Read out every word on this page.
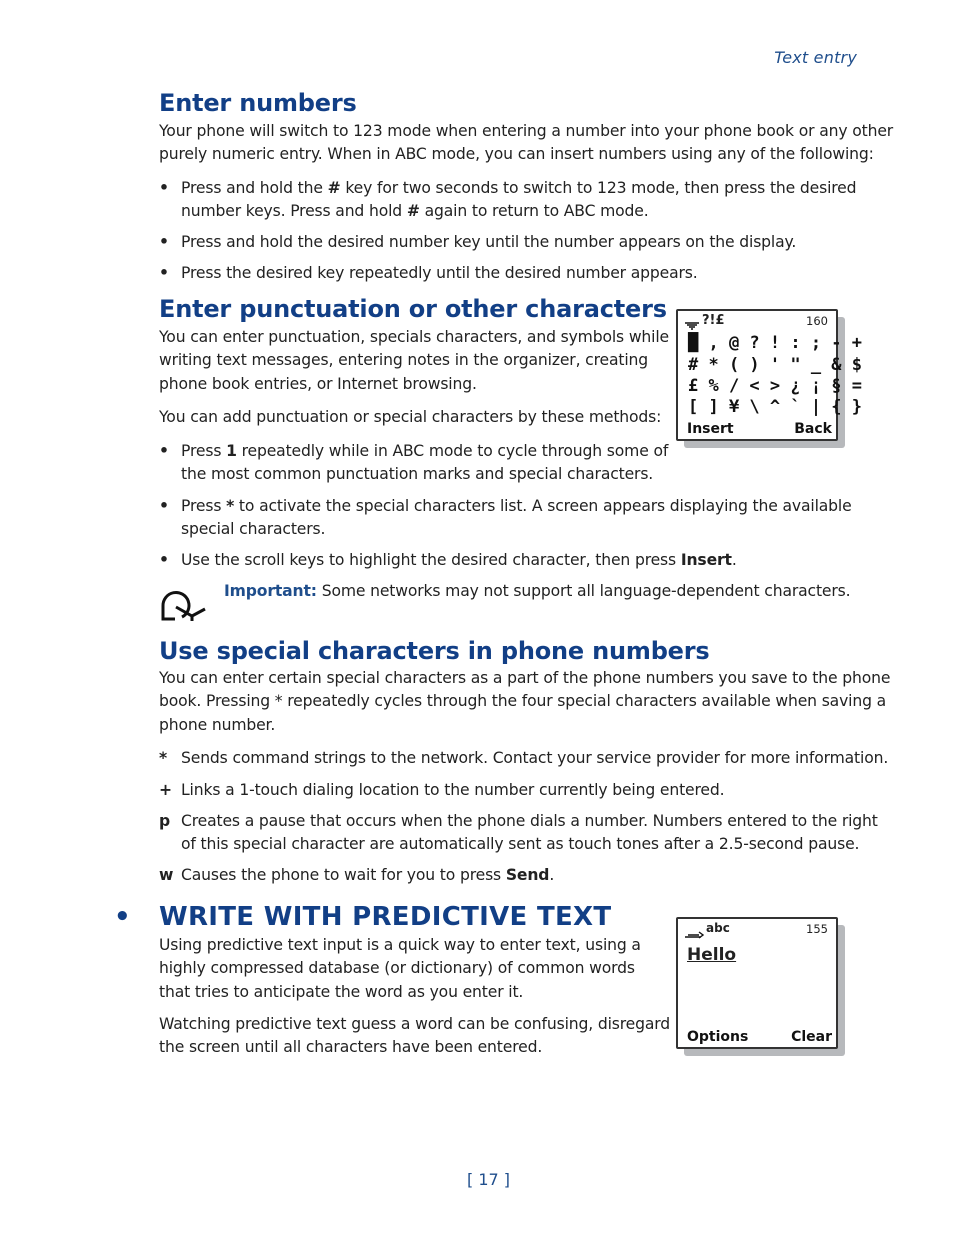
Text entry
Enter numbers

Your phone will switch to 123 mode when entering a number into your phone book or any other

purely numeric entry. When in ABC mode, you can insert numbers using any of the following:

• Press and hold the # key for two seconds to switch to 123 mode, then press the desired
number keys. Press and hold # again to return to ABC mode.
• Press and hold the desired number key until the number appears on the display.
• Press the desired key repeatedly until the desired number appears.
Enter punctuation or other characters

You can enter punctuation, specials characters, and symbols while

writing text messages, entering notes in the organizer, creating

phone book entries, or Internet browsing.

You can add punctuation or special characters by these methods:

• Press 1 repeatedly while in ABC mode to cycle through some of
the most common punctuation marks and special characters.
• Press * to activate the special characters list. A screen appears displaying the available
special characters.
• Use the scroll keys to highlight the desired character, then press Insert.
Important: Some networks may not support all language-dependent characters.
?!£	160
█ , @ ? ! : ; - +
# * ( ) ' " _ & $
£ % / < > ¿ ¡ § =
[ ] ¥ \ ^ ` | { }
Insert	Back
Use special characters in phone numbers

You can enter certain special characters as a part of the phone numbers you save to the phone

book. Pressing * repeatedly cycles through the four special characters available when saving a

phone number.

* Sends command strings to the network. Contact your service provider for more information.
+ Links a 1-touch dialing location to the number currently being entered.
p Creates a pause that occurs when the phone dials a number. Numbers entered to the right
of this special character are automatically sent as touch tones after a 2.5-second pause.
w Causes the phone to wait for you to press Send.
• WRITE WITH PREDICTIVE TEXT

Using predictive text input is a quick way to enter text, using a

highly compressed database (or dictionary) of common words

that tries to anticipate the word as you enter it.

Watching predictive text guess a word can be confusing, disregard

the screen until all characters have been entered.

abc	155
Hello
Options	Clear
[ 17 ]
